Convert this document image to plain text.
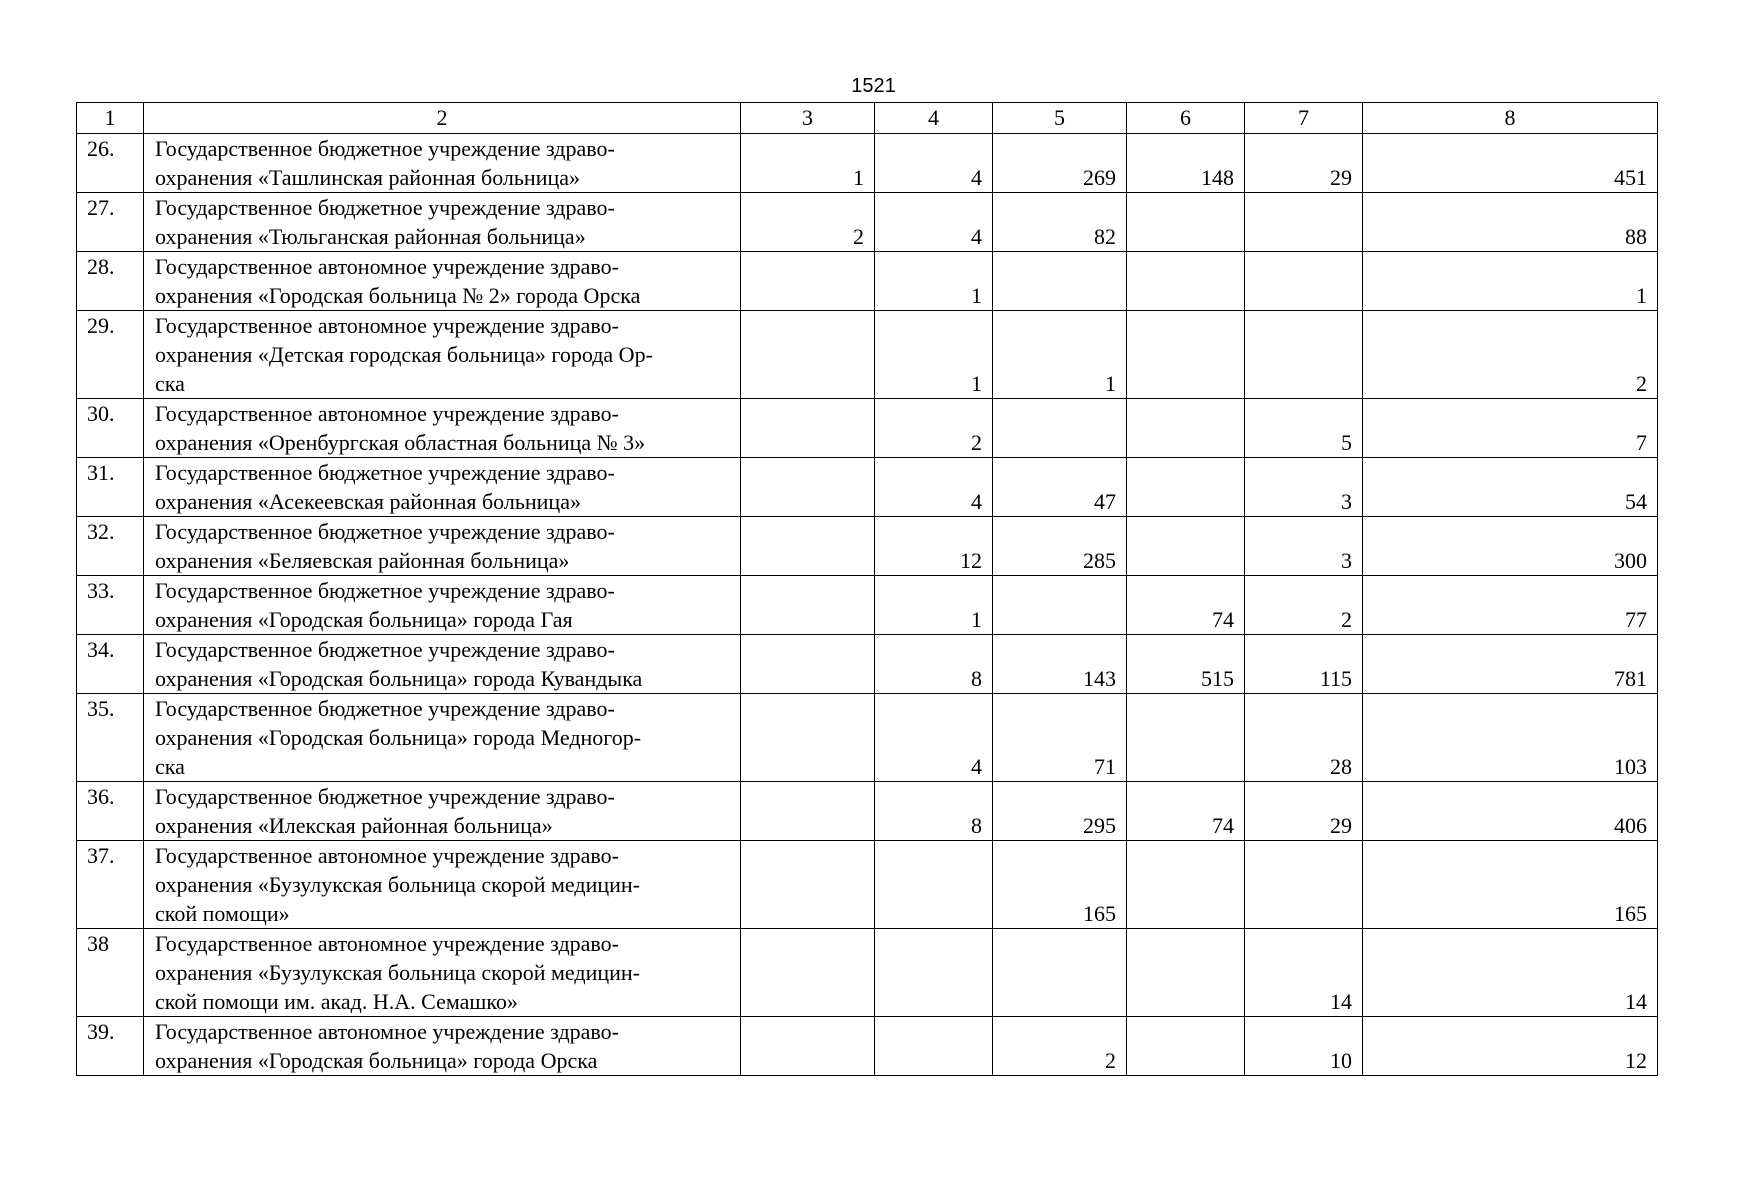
1521
1	2	3	4	5	6	7	8
26.	Государственное бюджетное учреждение здраво-
охранения «Ташлинская районная больница»	1	4	269	148	29	451
27.	Государственное бюджетное учреждение здраво-
охранения «Тюльганская районная больница»	2	4	82			88
28.	Государственное автономное учреждение здраво-
охранения «Городская больница № 2» города Орска		1				1
29.	Государственное автономное учреждение здраво-
охранения «Детская городская больница» города Ор-
ска		1	1			2
30.	Государственное автономное учреждение здраво-
охранения «Оренбургская областная больница № 3»		2			5	7
31.	Государственное бюджетное учреждение здраво-
охранения «Асекеевская районная больница»		4	47		3	54
32.	Государственное бюджетное учреждение здраво-
охранения «Беляевская районная больница»		12	285		3	300
33.	Государственное бюджетное учреждение здраво-
охранения «Городская больница» города Гая		1		74	2	77
34.	Государственное бюджетное учреждение здраво-
охранения «Городская больница» города Кувандыка		8	143	515	115	781
35.	Государственное бюджетное учреждение здраво-
охранения «Городская больница» города Медногор-
ска		4	71		28	103
36.	Государственное бюджетное учреждение здраво-
охранения «Илекская районная больница»		8	295	74	29	406
37.	Государственное автономное учреждение здраво-
охранения «Бузулукская больница скорой медицин-
ской помощи»			165			165
38	Государственное автономное учреждение здраво-
охранения «Бузулукская больница скорой медицин-
ской помощи им. акад. Н.А. Семашко»					14	14
39.	Государственное автономное учреждение здраво-
охранения «Городская больница» города Орска			2		10	12
